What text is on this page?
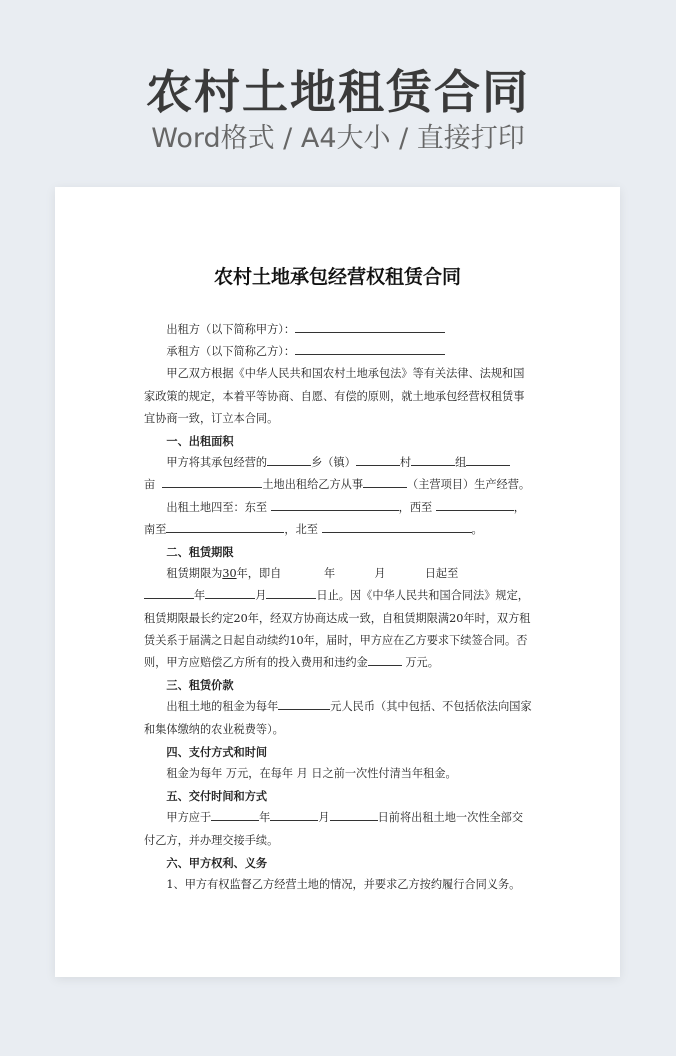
农村土地租赁合同
Word格式 / A4大小 / 直接打印
农村土地承包经营权租赁合同

出租方（以下简称甲方）：

承租方（以下简称乙方）：

甲乙双方根据《中华人民共和国农村土地承包法》等有关法律、法规和国家政策的规定，本着平等协商、自愿、有偿的原则，就土地承包经营权租赁事宜协商一致，订立本合同。

一、出租面积

甲方将其承包经营的	乡（镇）	村	组
亩	土地出租给乙方从事	（主营项目）生产经营。

出租土地四至：东至	，西至	，
南至	，北至	。

二、租赁期限

租赁期限为30年，即自	年	月	日起至
年	月	日止。因《中华人民共和国合同法》规定，租赁期限最长约定20年，经双方协商达成一致，自租赁期限满20年时，双方租赁关系于届满之日起自动续约10年，届时，甲方应在乙方要求下续签合同。否则，甲方应赔偿乙方所有的投入费用和违约金	万元。

三、租赁价款

出租土地的租金为每年	元人民币（其中包括、不包括依法向国家和集体缴纳的农业税费等）。

四、支付方式和时间

租金为每年 万元，在每年 月 日之前一次性付清当年租金。

五、交付时间和方式

甲方应于	年	月	日前将出租土地一次性全部交付乙方，并办理交接手续。

六、甲方权利、义务

1、甲方有权监督乙方经营土地的情况，并要求乙方按约履行合同义务。
